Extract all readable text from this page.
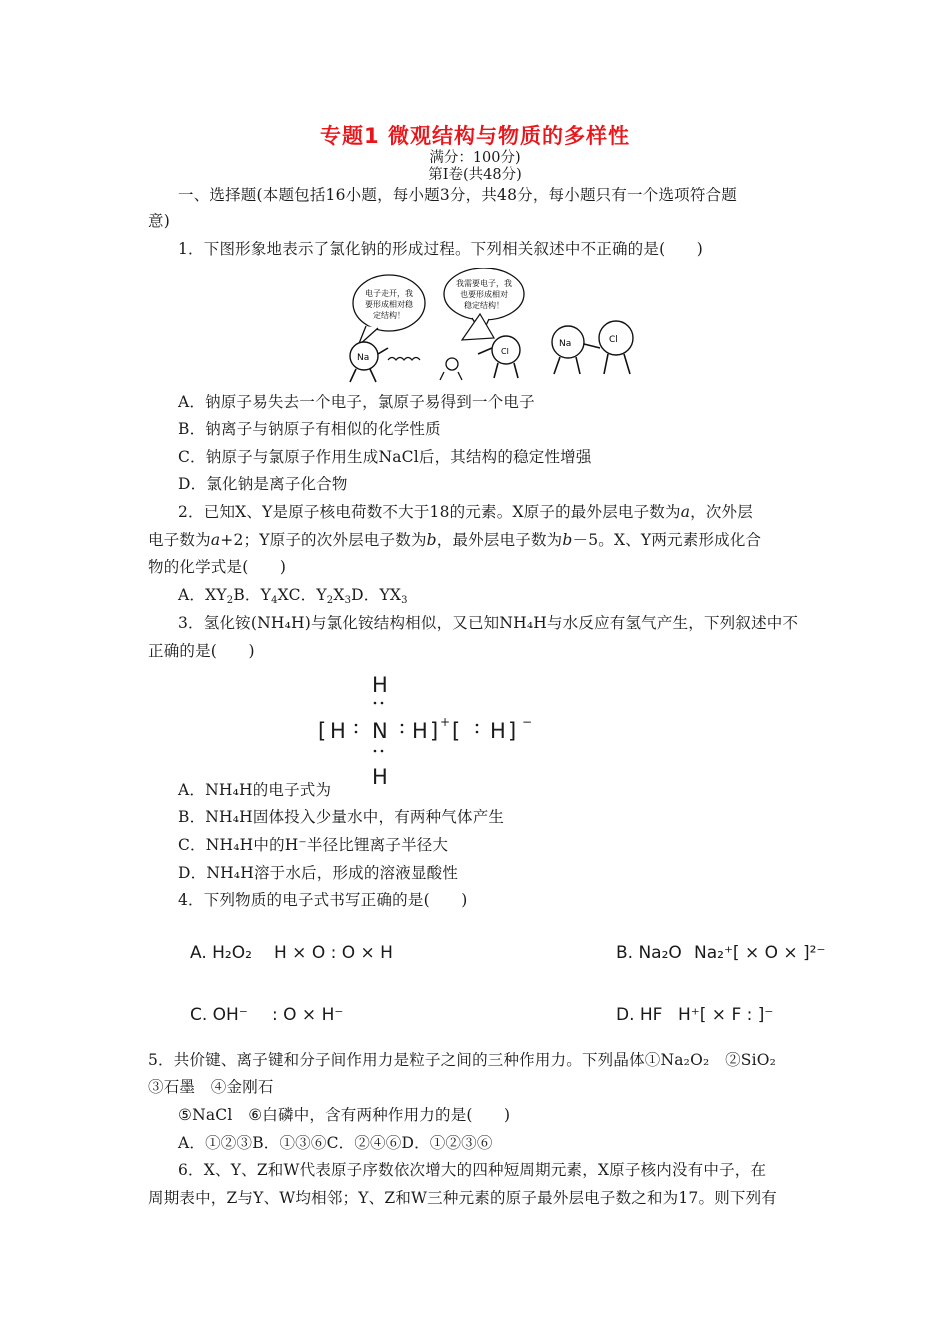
专题1 微观结构与物质的多样性
满分：100分)
第Ⅰ卷(共48分)
一、选择题(本题包括16小题，每小题3分，共48分，每小题只有一个选项符合题
意)
1．下图形象地表示了氯化钠的形成过程。下列相关叙述中不正确的是(　　)
电子走开，我
要形成相对稳
定结构！
我需要电子，我
也要形成相对
稳定结构！
Na
Cl
Na	Cl
A．钠原子易失去一个电子，氯原子易得到一个电子
B．钠离子与钠原子有相似的化学性质
C．钠原子与氯原子作用生成NaCl后，其结构的稳定性增强
D．氯化钠是离子化合物
2．已知X、Y是原子核电荷数不大于18的元素。X原子的最外层电子数为a，次外层
电子数为a+2；Y原子的次外层电子数为b，最外层电子数为b－5。X、Y两元素形成化合
物的化学式是(　　)
A．XY2B．Y4XC．Y2X3D．YX3
3．氢化铵(NH₄H)与氯化铵结构相似，又已知NH₄H与水反应有氢气产生，下列叙述中不
正确的是(　　)
H
H
[ H N H ] [ H ]
+	−
A．NH₄H的电子式为
B．NH₄H固体投入少量水中，有两种气体产生
C．NH₄H中的H⁻半径比锂离子半径大
D．NH₄H溶于水后，形成的溶液显酸性
4．下列物质的电子式书写正确的是(　　)
A. H₂O₂ H × O : O × H	B. Na₂O Na₂⁺[ × O × ]²⁻
C. OH⁻ : O × H⁻	D. HF H⁺[ × F : ]⁻
5．共价键、离子键和分子间作用力是粒子之间的三种作用力。下列晶体①Na₂O₂　②SiO₂
③石墨　④金刚石
⑤NaCl　⑥白磷中，含有两种作用力的是(　　)
A．①②③B．①③⑥C．②④⑥D．①②③⑥
6．X、Y、Z和W代表原子序数依次增大的四种短周期元素，X原子核内没有中子，在
周期表中，Z与Y、W均相邻；Y、Z和W三种元素的原子最外层电子数之和为17。则下列有
